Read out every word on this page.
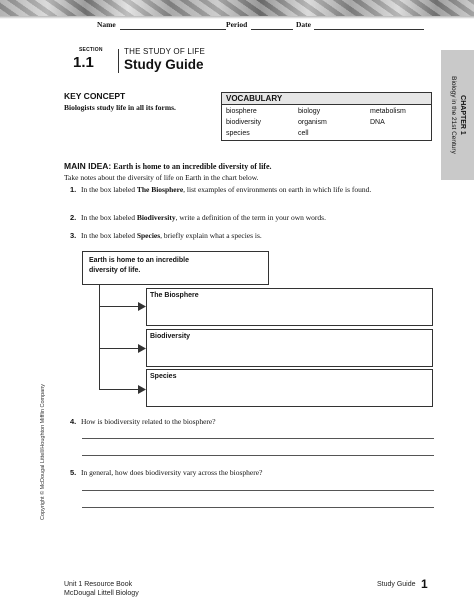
Name	Period	Date
SECTION
1.1
THE STUDY OF LIFE
Study Guide
CHAPTER 1
Biology in the 21st Century
KEY CONCEPT
Biologists study life in all its forms.
VOCABULARY
biosphere	biology	metabolism
biodiversity	organism	DNA
species	cell
MAIN IDEA: Earth is home to an incredible diversity of life.
Take notes about the diversity of life on Earth in the chart below.
1. In the box labeled The Biosphere, list examples of environments on earth in which life is found.
2. In the box labeled Biodiversity, write a definition of the term in your own words.
3. In the box labeled Species, briefly explain what a species is.
Earth is home to an incredible diversity of life.
The Biosphere
Biodiversity
Species
4. How is biodiversity related to the biosphere?
5. In general, how does biodiversity vary across the biosphere?
Copyright © McDougal Littell/Houghton Mifflin Company
Unit 1 Resource Book
McDougal Littell Biology
Study Guide 1
